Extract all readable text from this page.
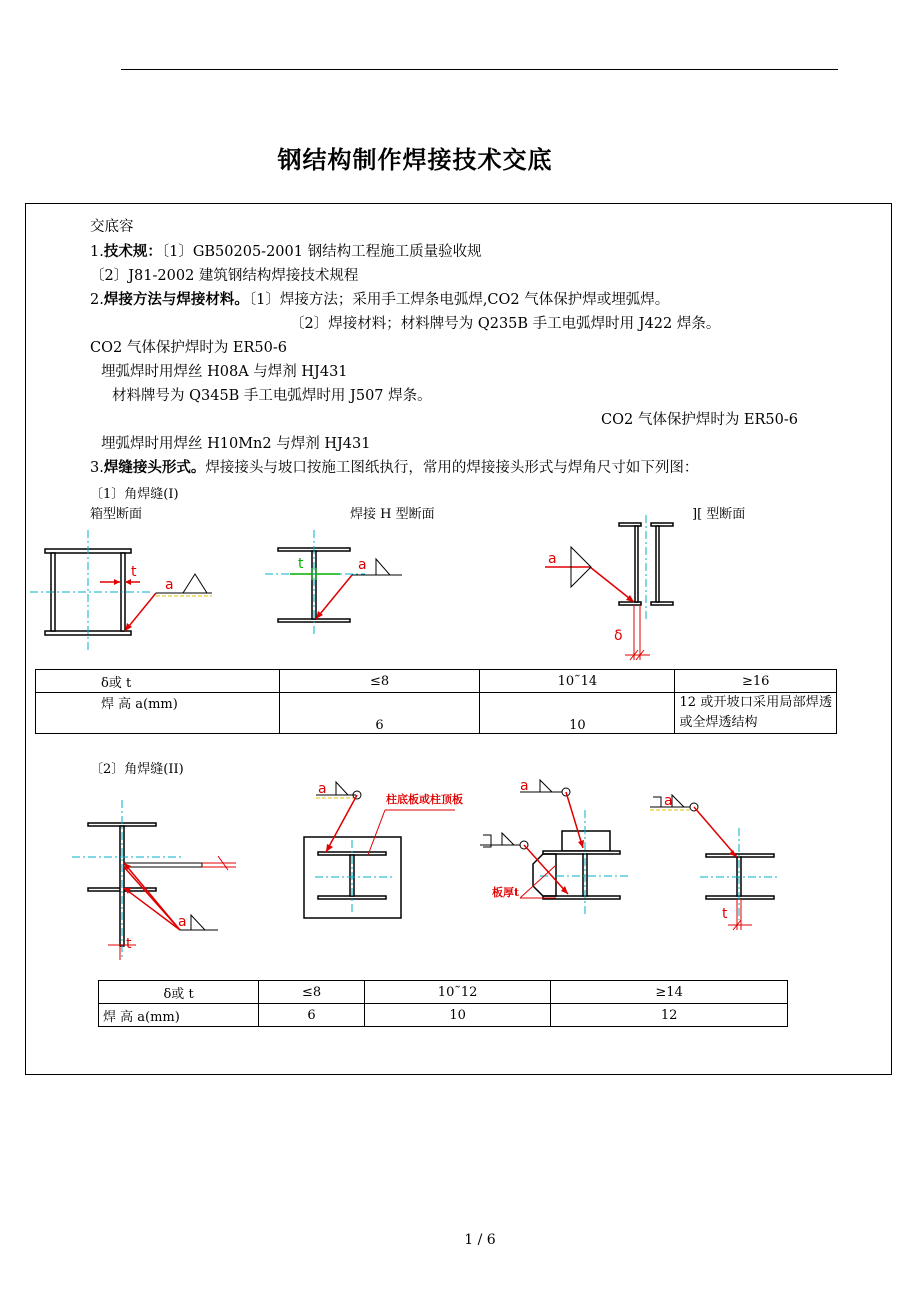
钢结构制作焊接技术交底
交底容
1.技术规：〔1〕GB50205-2001 钢结构工程施工质量验收规
〔2〕J81-2002 建筑钢结构焊接技术规程
2.焊接方法与焊接材料。〔1〕焊接方法；采用手工焊条电弧焊,CO2 气体保护焊或埋弧焊。
〔2〕焊接材料；材料牌号为 Q235B 手工电弧焊时用 J422 焊条。
CO2 气体保护焊时为 ER50-6
埋弧焊时用焊丝 H08A 与焊剂 HJ431
材料牌号为 Q345B 手工电弧焊时用 J507 焊条。
CO2 气体保护焊时为 ER50-6
埋弧焊时用焊丝 H10Mn2 与焊剂 HJ431
3.焊缝接头形式。焊接接头与坡口按施工图纸执行，常用的焊接接头形式与焊角尺寸如下列图：
〔1〕角焊缝(I)
箱型断面	焊接 H 型断面	][ 型断面
t
a
t	a	a
δ
δ或 t	≤8	10˜14	≥16
焊 高 a(mm)	6	10	12 或开坡口采用局部焊透或全焊透结构
〔2〕角焊缝(II)
a
t
a
柱底板或柱顶板
a
板厚t
a
t
δ或 t	≤8	10˜12	≥14
焊 高 a(mm)	6	10	12
1 / 6
